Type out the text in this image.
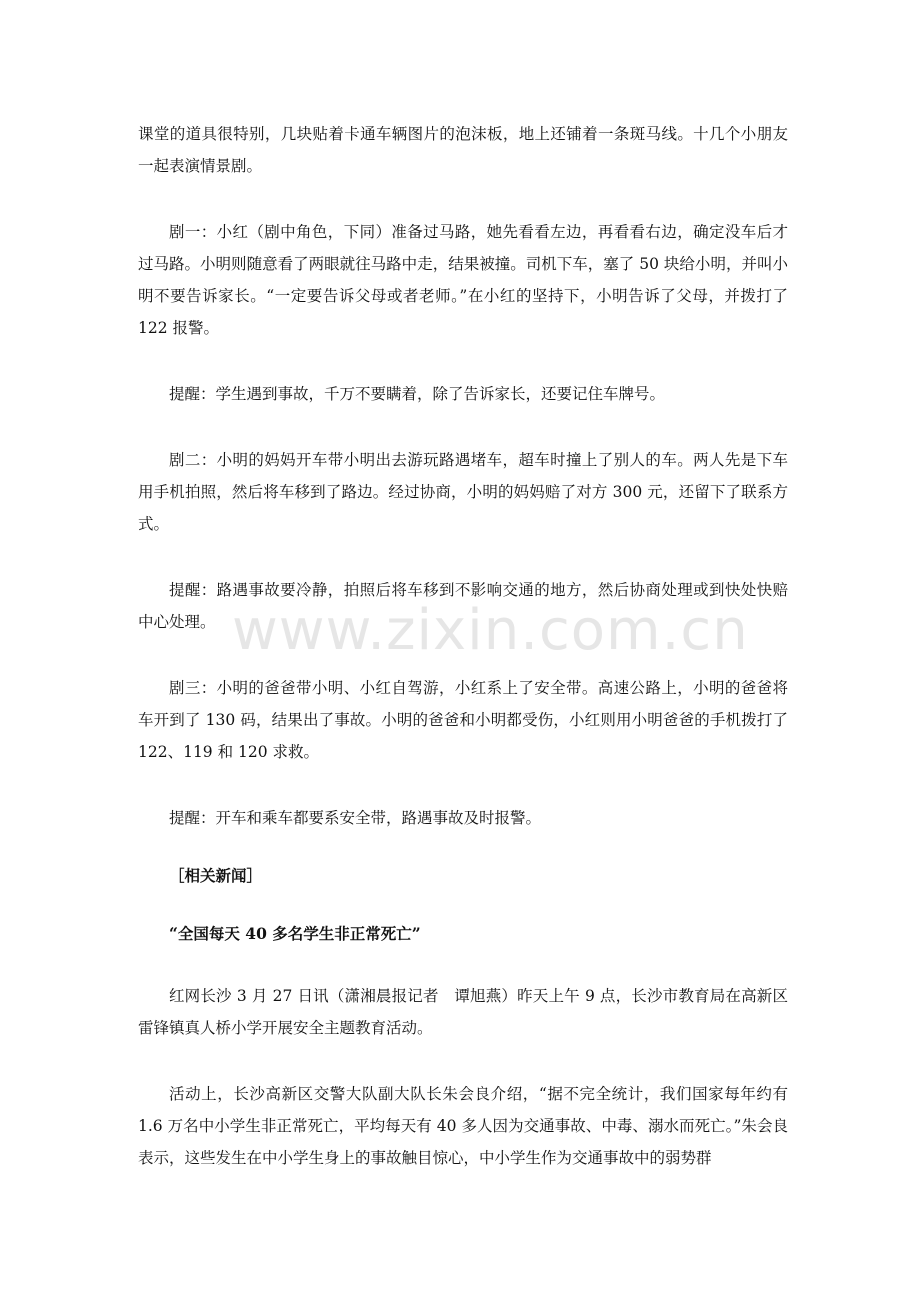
www.zixin.com.cn

课堂的道具很特别，几块贴着卡通车辆图片的泡沫板，地上还铺着一条斑马线。十几个小朋友一起表演情景剧。

剧一：小红（剧中角色，下同）准备过马路，她先看看左边，再看看右边，确定没车后才过马路。小明则随意看了两眼就往马路中走，结果被撞。司机下车，塞了 50 块给小明，并叫小明不要告诉家长。“一定要告诉父母或者老师。”在小红的坚持下，小明告诉了父母，并拨打了 122 报警。

提醒：学生遇到事故，千万不要瞒着，除了告诉家长，还要记住车牌号。

剧二：小明的妈妈开车带小明出去游玩路遇堵车，超车时撞上了别人的车。两人先是下车用手机拍照，然后将车移到了路边。经过协商，小明的妈妈赔了对方 300 元，还留下了联系方式。

提醒：路遇事故要冷静，拍照后将车移到不影响交通的地方，然后协商处理或到快处快赔中心处理。

剧三：小明的爸爸带小明、小红自驾游，小红系上了安全带。高速公路上，小明的爸爸将车开到了 130 码，结果出了事故。小明的爸爸和小明都受伤，小红则用小明爸爸的手机拨打了 122、119 和 120 求救。

提醒：开车和乘车都要系安全带，路遇事故及时报警。

［相关新闻］

“全国每天 40 多名学生非正常死亡”

红网长沙 3 月 27 日讯（潇湘晨报记者　谭旭燕）昨天上午 9 点，长沙市教育局在高新区雷锋镇真人桥小学开展安全主题教育活动。

活动上，长沙高新区交警大队副大队长朱会良介绍，“据不完全统计，我们国家每年约有 1.6 万名中小学生非正常死亡，平均每天有 40 多人因为交通事故、中毒、溺水而死亡。”朱会良表示，这些发生在中小学生身上的事故触目惊心，中小学生作为交通事故中的弱势群
